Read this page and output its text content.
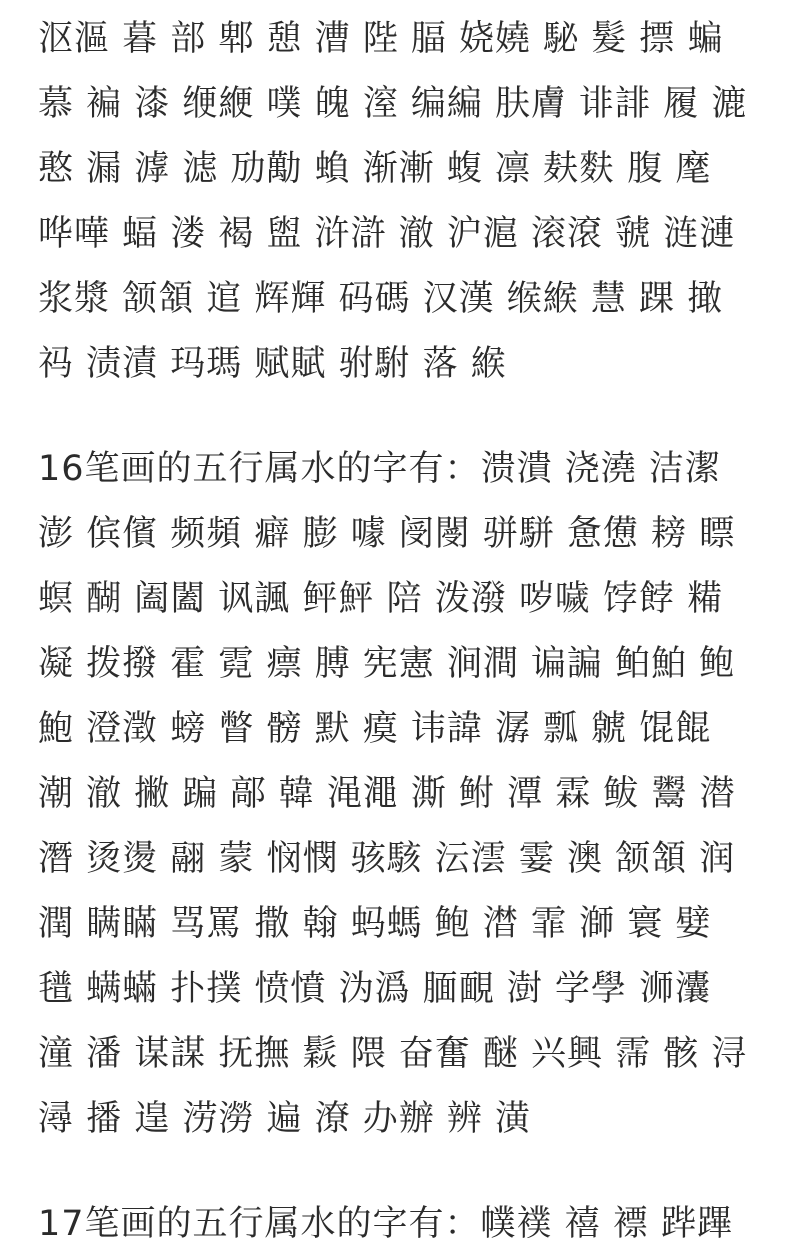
沤漚 暮 部 郫 憩 漕 陛 腷 娆嬈 駜 髮 摽 蝙
慕 褊 漆 缏緶 噗 魄 潌 编編 肤膚 诽誹 履 漉
憨 漏 滹 滤 劢勱 蝜 渐漸 蝮 凛 麸麩 腹 麾
哗嘩 蝠 溇 褐 盥 浒滸 澈 沪滬 滚滾 虢 涟漣
浆漿 颔頷 逭 辉輝 码碼 汉漢 缑緱 慧 踝 撖
祃 渍漬 玛瑪 赋賦 驸駙 落 緱
16笔画的五行属水的字有：溃潰 浇澆 洁潔
澎 傧儐 频頻 癖 膨 噱 阌閿 骈駢 惫憊 耪 瞟
螟 醐 阖闔 讽諷 鲆鮃 陪 泼潑 哕噦 饽餑 糒
凝 拨撥 霍 霓 瘭 膊 宪憲 涧澗 谝諞 鲌鮊 鲍
鮑 澄澂 螃 瞥 髈 默 瘼 讳諱 潺 瓢 虩 馄餛
潮 澈 撇 蹁 鄗 韓 渑澠 澌 鲋 潭 霖 鲅 鬻 潜
潛 烫燙 翮 蒙 悯憫 骇駭 沄澐 霎 澳 颔頷 润
潤 瞒瞞 骂罵 撒 翰 蚂螞 鲍 澘 霏 溮 寰 嬖
氆 螨蟎 扑撲 愤憤 沩潙 腼靦 澍 学學 浉灢
潼 潘 谋謀 抚撫 鬏 隈 奋奮 醚 兴興 霈 骸 浔
潯 播 遑 涝澇 遍 潦 办辦 辨 潢
17笔画的五行属水的字有：幞襆 禧 褾 跸蹕
